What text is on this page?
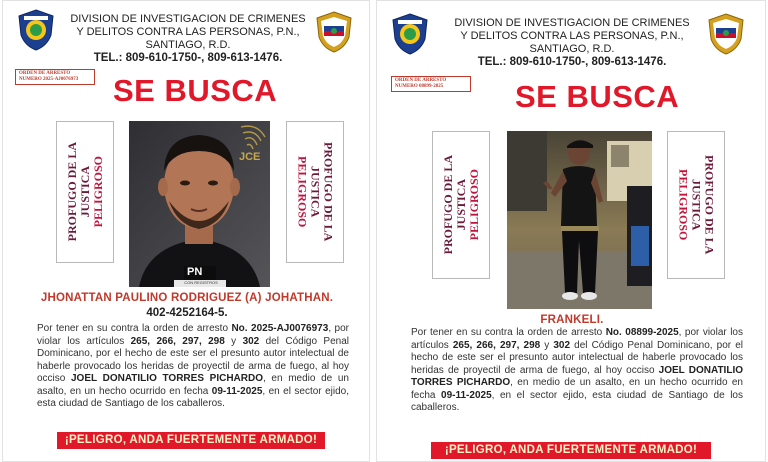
DIVISION DE INVESTIGACION DE CRIMENES
Y DELITOS CONTRA LAS PERSONAS, P.N.,
SANTIAGO, R.D.
TEL.: 809-610-1750-, 809-613-1476.
ORDEN DE ARRESTO
NUMERO 2025-AJ0076973	SE BUSCA
PROFUGO DE LA
JUSTICA
PELIGROSO	JCE
PN
CON REGISTROS
PROFUGO DE LA
JUSTICA
PELIGROSO
JHONATTAN PAULINO RODRIGUEZ (A) JOHATHAN.
402-4252164-5.
Por tener en su contra la orden de arresto No. 2025-AJ0076973, por violar los artículos 265, 266, 297, 298 y 302 del Código Penal Dominicano, por el hecho de este ser el presunto autor intelectual de haberle provocado los heridas de proyectil de arma de fuego, al hoy occiso JOEL DONATILIO TORRES PICHARDO, en medio de un asalto, en un hecho ocurrido en fecha 09-11-2025, en el sector ejido, esta ciudad de Santiago de los caballeros.
¡PELIGRO, ANDA FUERTEMENTE ARMADO!
DIVISION DE INVESTIGACION DE CRIMENES
Y DELITOS CONTRA LAS PERSONAS, P.N.,
SANTIAGO, R.D.
TEL.: 809-610-1750-, 809-613-1476.
ORDEN DE ARRESTO
NUMERO 08899-2025	SE BUSCA
PROFUGO DE LA
JUSTICA
PELIGROSO	PROFUGO DE LA
JUSTICA
PELIGROSO
FRANKELI.
Por tener en su contra la orden de arresto No. 08899-2025, por violar los artículos 265, 266, 297, 298 y 302 del Código Penal Dominicano, por el hecho de este ser el presunto autor intelectual de haberle provocado los heridas de proyectil de arma de fuego, al hoy occiso JOEL DONATILIO TORRES PICHARDO, en medio de un asalto, en un hecho ocurrido en fecha 09-11-2025, en el sector ejido, esta ciudad de Santiago de los caballeros.
¡PELIGRO, ANDA FUERTEMENTE ARMADO!
